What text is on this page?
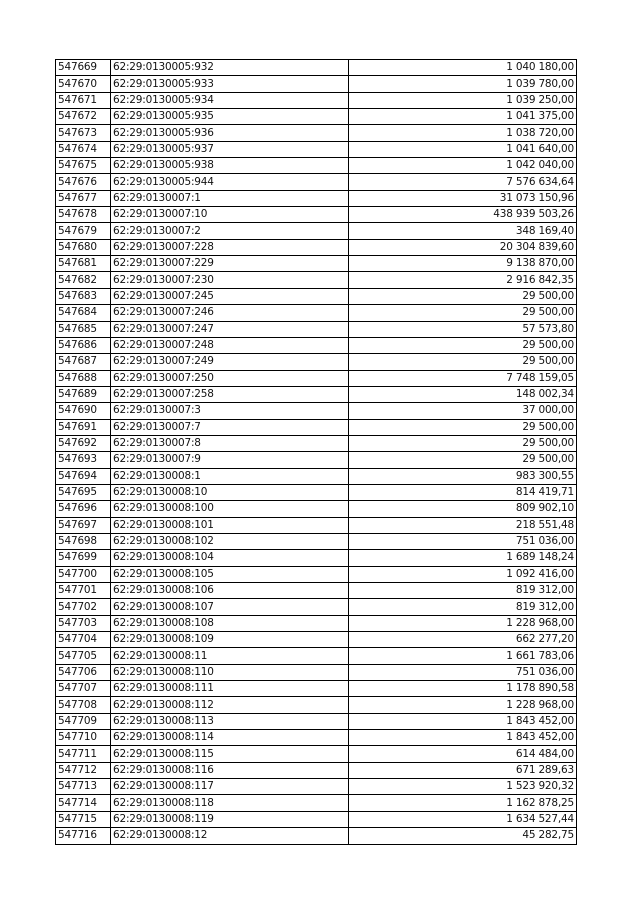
547669	62:29:0130005:932	1 040 180,00
547670	62:29:0130005:933	1 039 780,00
547671	62:29:0130005:934	1 039 250,00
547672	62:29:0130005:935	1 041 375,00
547673	62:29:0130005:936	1 038 720,00
547674	62:29:0130005:937	1 041 640,00
547675	62:29:0130005:938	1 042 040,00
547676	62:29:0130005:944	7 576 634,64
547677	62:29:0130007:1	31 073 150,96
547678	62:29:0130007:10	438 939 503,26
547679	62:29:0130007:2	348 169,40
547680	62:29:0130007:228	20 304 839,60
547681	62:29:0130007:229	9 138 870,00
547682	62:29:0130007:230	2 916 842,35
547683	62:29:0130007:245	29 500,00
547684	62:29:0130007:246	29 500,00
547685	62:29:0130007:247	57 573,80
547686	62:29:0130007:248	29 500,00
547687	62:29:0130007:249	29 500,00
547688	62:29:0130007:250	7 748 159,05
547689	62:29:0130007:258	148 002,34
547690	62:29:0130007:3	37 000,00
547691	62:29:0130007:7	29 500,00
547692	62:29:0130007:8	29 500,00
547693	62:29:0130007:9	29 500,00
547694	62:29:0130008:1	983 300,55
547695	62:29:0130008:10	814 419,71
547696	62:29:0130008:100	809 902,10
547697	62:29:0130008:101	218 551,48
547698	62:29:0130008:102	751 036,00
547699	62:29:0130008:104	1 689 148,24
547700	62:29:0130008:105	1 092 416,00
547701	62:29:0130008:106	819 312,00
547702	62:29:0130008:107	819 312,00
547703	62:29:0130008:108	1 228 968,00
547704	62:29:0130008:109	662 277,20
547705	62:29:0130008:11	1 661 783,06
547706	62:29:0130008:110	751 036,00
547707	62:29:0130008:111	1 178 890,58
547708	62:29:0130008:112	1 228 968,00
547709	62:29:0130008:113	1 843 452,00
547710	62:29:0130008:114	1 843 452,00
547711	62:29:0130008:115	614 484,00
547712	62:29:0130008:116	671 289,63
547713	62:29:0130008:117	1 523 920,32
547714	62:29:0130008:118	1 162 878,25
547715	62:29:0130008:119	1 634 527,44
547716	62:29:0130008:12	45 282,75
